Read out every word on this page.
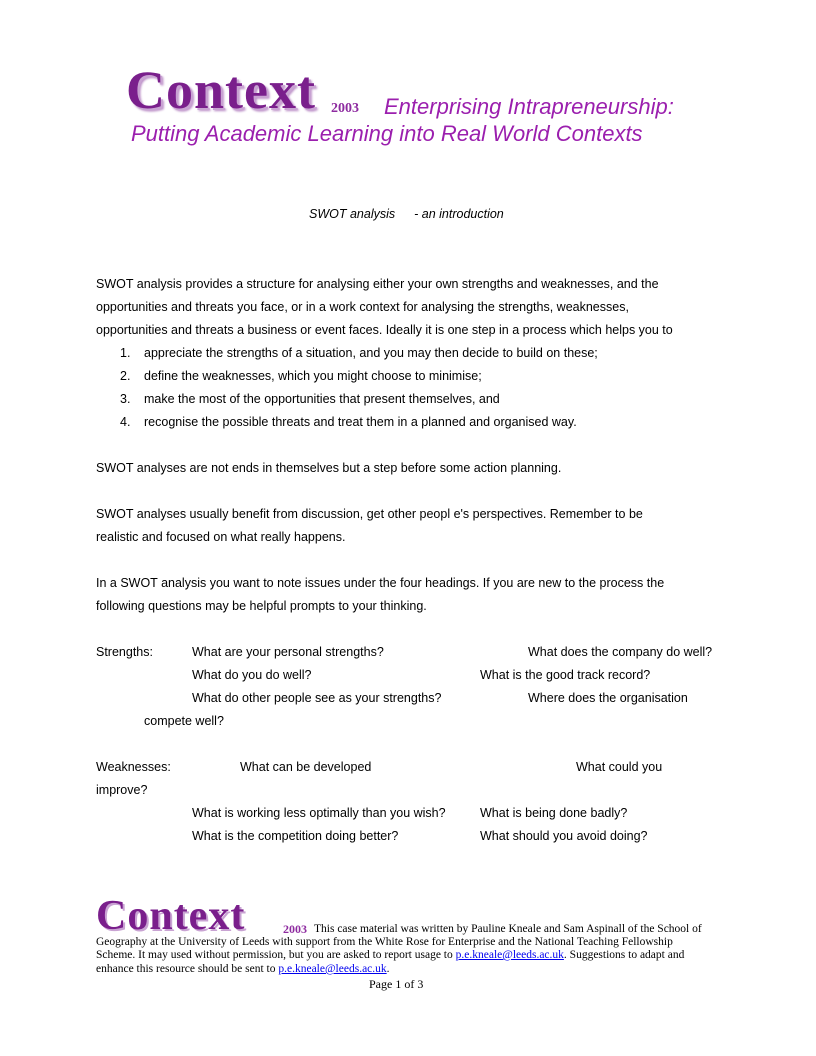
Context 2003 Enterprising Intrapreneurship:
Putting Academic Learning into Real World Contexts
SWOT analysis - an introduction
SWOT analysis provides a structure for analysing either your own strengths and weaknesses, and the
opportunities and threats you face, or in a work context for analysing the strengths, weaknesses,
opportunities and threats a business or event faces. Ideally it is one step in a process which helps you to
1. appreciate the strengths of a situation, and you may then decide to build on these;
2. define the weaknesses, which you might choose to minimise;
3. make the most of the opportunities that present themselves, and
4. recognise the possible threats and treat them in a planned and organised way.
SWOT analyses are not ends in themselves but a step before some action planning.
SWOT analyses usually benefit from discussion, get other peopl e's perspectives. Remember to be
realistic and focused on what really happens.
In a SWOT analysis you want to note issues under the four headings. If you are new to the process the
following questions may be helpful prompts to your thinking.
Strengths:	What are your personal strengths?	What does the company do well?
What do you do well?	What is the good track record?
What do other people see as your strengths?	Where does the organisation
compete well?
Weaknesses:	What can be developed	What could you
improve?
What is working less optimally than you wish?	What is being done badly?
What is the competition doing better?	What should you avoid doing?
Context	2003 This case material was written by Pauline Kneale and Sam Aspinall of the School of
Geography at the University of Leeds with support from the White Rose for Enterprise and the National Teaching Fellowship
Scheme. It may used without permission, but you are asked to report usage to p.e.kneale@leeds.ac.uk. Suggestions to adapt and
enhance this resource should be sent to p.e.kneale@leeds.ac.uk.
Page 1 of 3
